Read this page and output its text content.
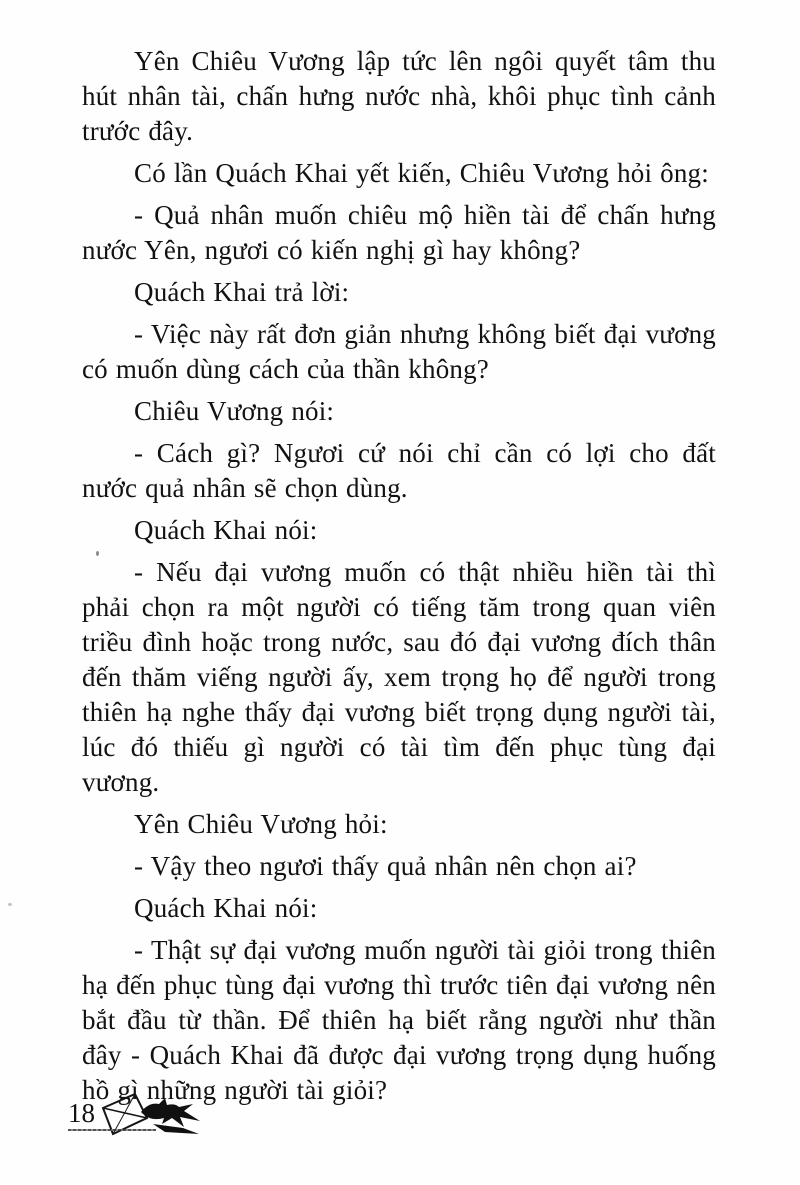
Yên Chiêu Vương lập tức lên ngôi quyết tâm thu hút nhân tài, chấn hưng nước nhà, khôi phục tình cảnh trước đây.

Có lần Quách Khai yết kiến, Chiêu Vương hỏi ông:

- Quả nhân muốn chiêu mộ hiền tài để chấn hưng nước Yên, ngươi có kiến nghị gì hay không?

Quách Khai trả lời:

- Việc này rất đơn giản nhưng không biết đại vương có muốn dùng cách của thần không?

Chiêu Vương nói:

- Cách gì? Ngươi cứ nói chỉ cần có lợi cho đất nước quả nhân sẽ chọn dùng.

Quách Khai nói:

- Nếu đại vương muốn có thật nhiều hiền tài thì phải chọn ra một người có tiếng tăm trong quan viên triều đình hoặc trong nước, sau đó đại vương đích thân đến thăm viếng người ấy, xem trọng họ để người trong thiên hạ nghe thấy đại vương biết trọng dụng người tài, lúc đó thiếu gì người có tài tìm đến phục tùng đại vương.

Yên Chiêu Vương hỏi:

- Vậy theo ngươi thấy quả nhân nên chọn ai?

Quách Khai nói:

- Thật sự đại vương muốn người tài giỏi trong thiên hạ đến phục tùng đại vương thì trước tiên đại vương nên bắt đầu từ thần. Để thiên hạ biết rằng người như thần đây - Quách Khai đã được đại vương trọng dụng huống hồ gì những người tài giỏi?

18
